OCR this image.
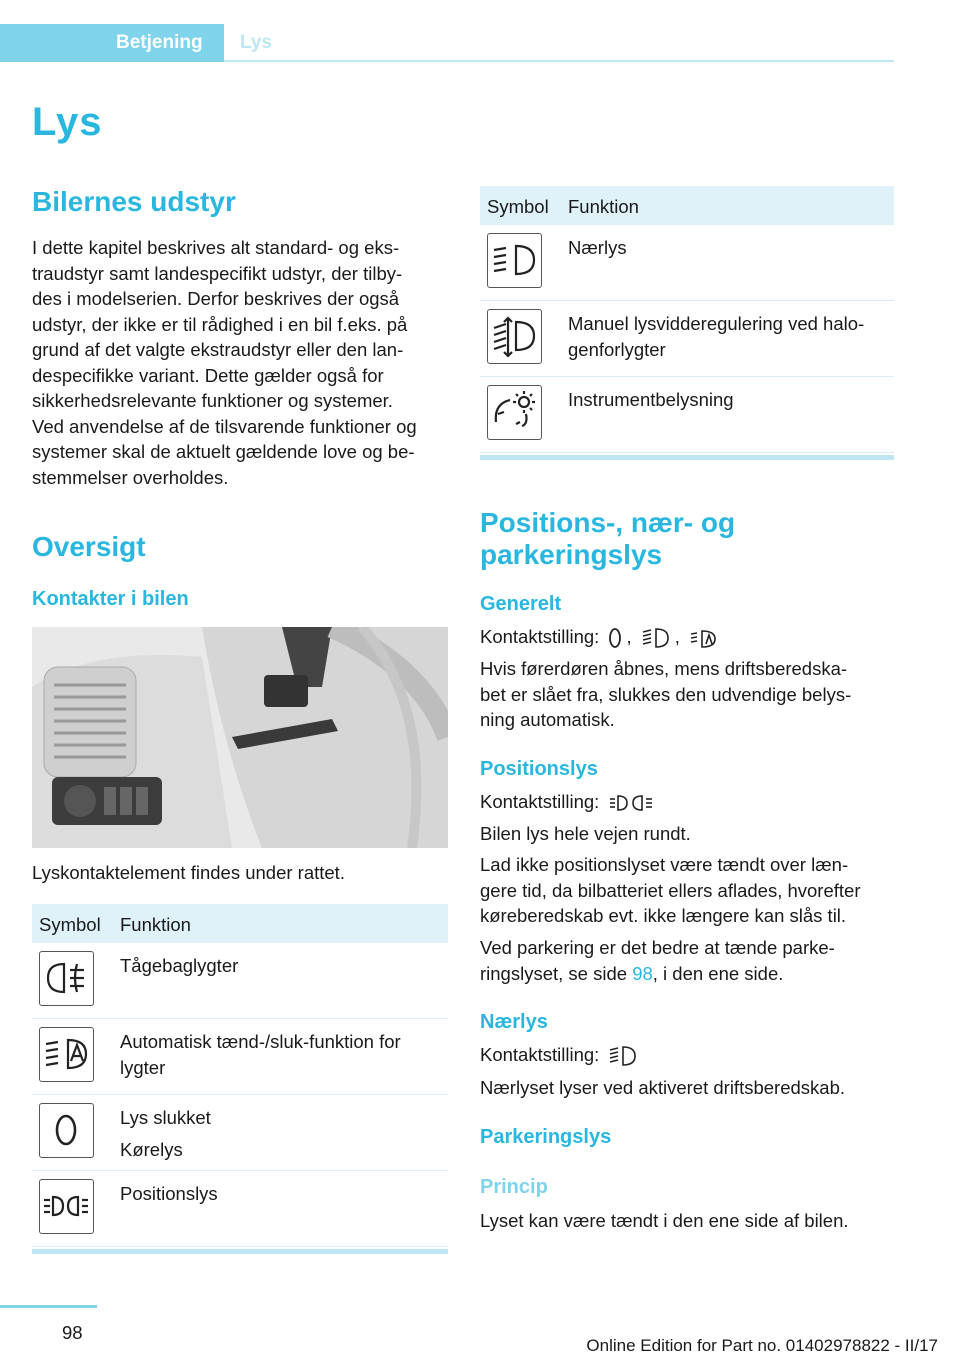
Betjening	Lys
Lys
Bilernes udstyr
I dette kapitel beskrives alt standard- og eks-
traudstyr samt landespecifikt udstyr, der tilby-
des i modelserien. Derfor beskrives der også
udstyr, der ikke er til rådighed i en bil f.eks. på
grund af det valgte ekstraudstyr eller den lan-
despecifikke variant. Dette gælder også for
sikkerhedsrelevante funktioner og systemer.
Ved anvendelse af de tilsvarende funktioner og
systemer skal de aktuelt gældende love og be-
stemmelser overholdes.
Oversigt
Kontakter i bilen
Lyskontaktelement findes under rattet.
Symbol Funktion
Tågebaglygter
Automatisk tænd-/sluk-funktion for
lygter
Lys slukket
Kørelys
Positionslys
Symbol Funktion
Nærlys
Manuel lysvidderegulering ved halo-
genforlygter
Instrumentbelysning
Positions-, nær- og
parkeringslys
Generelt
Kontaktstilling: , ,
Hvis førerdøren åbnes, mens driftsberedska-
bet er slået fra, slukkes den udvendige belys-
ning automatisk.
Positionslys
Kontaktstilling:
Bilen lys hele vejen rundt.
Lad ikke positionslyset være tændt over læn-
gere tid, da bilbatteriet ellers aflades, hvorefter
køreberedskab evt. ikke længere kan slås til.
Ved parkering er det bedre at tænde parke-
ringslyset, se side 98, i den ene side.
Nærlys
Kontaktstilling:
Nærlyset lyser ved aktiveret driftsberedskab.
Parkeringslys
Princip
Lyset kan være tændt i den ene side af bilen.
98
Online Edition for Part no. 01402978822 - II/17
